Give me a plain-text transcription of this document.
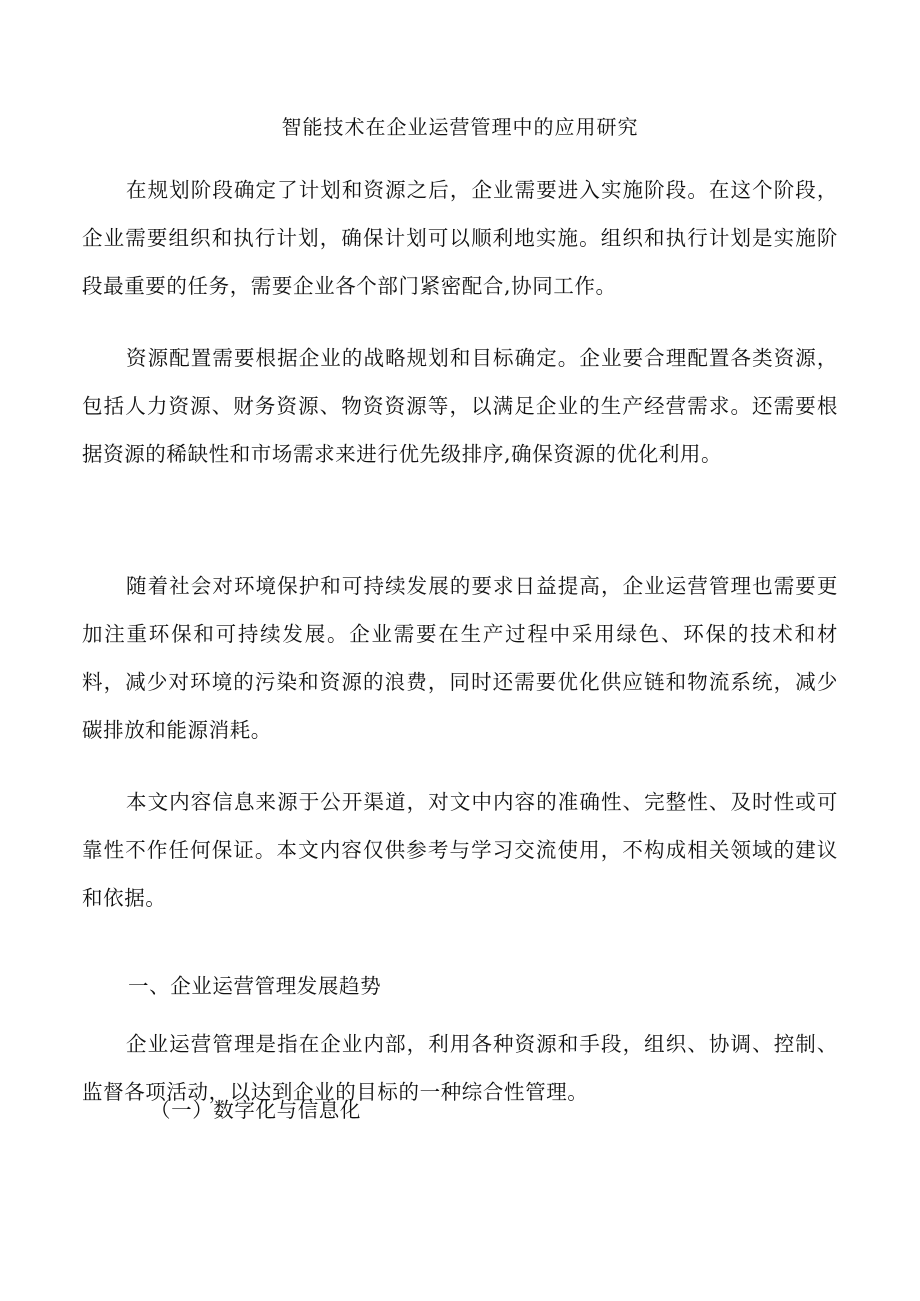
智能技术在企业运营管理中的应用研究

在规划阶段确定了计划和资源之后，企业需要进入实施阶段。在这个阶段，企业需要组织和执行计划，确保计划可以顺利地实施。组织和执行计划是实施阶段最重要的任务，需要企业各个部门紧密配合,协同工作。

资源配置需要根据企业的战略规划和目标确定。企业要合理配置各类资源，包括人力资源、财务资源、物资资源等，以满足企业的生产经营需求。还需要根据资源的稀缺性和市场需求来进行优先级排序,确保资源的优化利用。

随着社会对环境保护和可持续发展的要求日益提高，企业运营管理也需要更加注重环保和可持续发展。企业需要在生产过程中采用绿色、环保的技术和材料，减少对环境的污染和资源的浪费，同时还需要优化供应链和物流系统，减少碳排放和能源消耗。

本文内容信息来源于公开渠道，对文中内容的准确性、完整性、及时性或可靠性不作任何保证。本文内容仅供参考与学习交流使用，不构成相关领域的建议和依据。

一、企业运营管理发展趋势

企业运营管理是指在企业内部，利用各种资源和手段，组织、协调、控制、监督各项活动，以达到企业的目标的一种综合性管理。

（一）数字化与信息化
